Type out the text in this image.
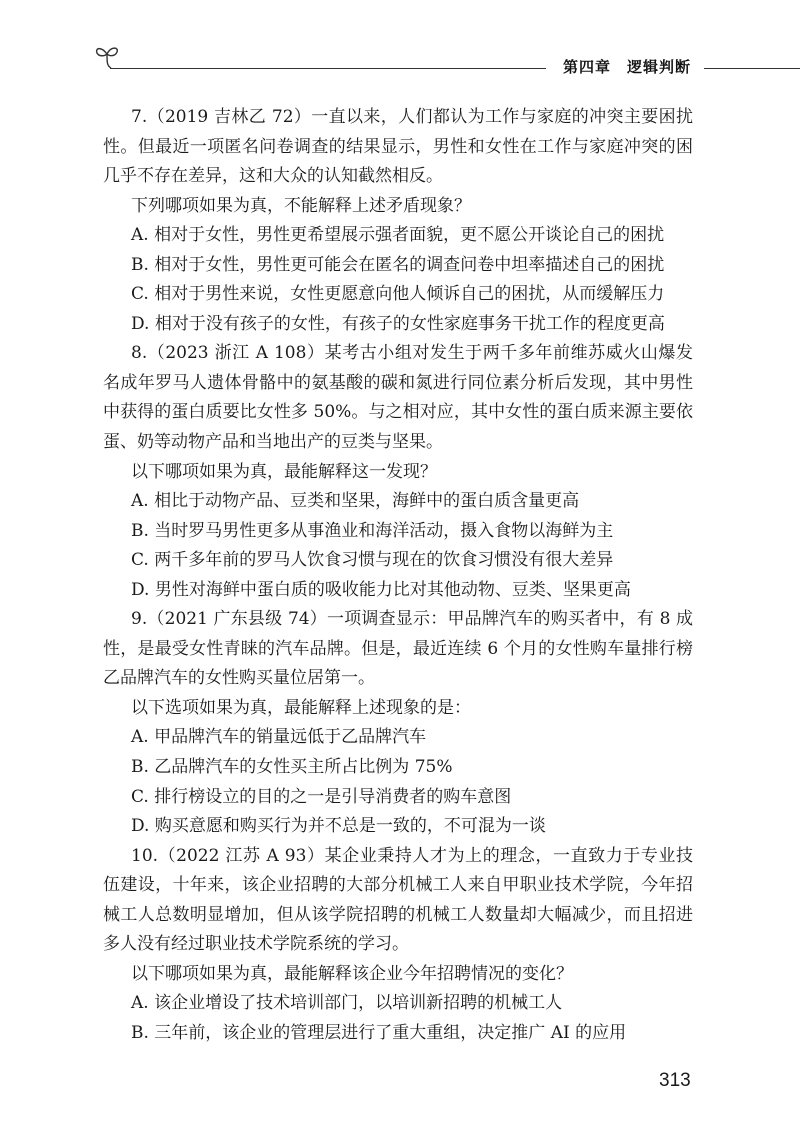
第四章　逻辑判断
7.（2019 吉林乙 72）一直以来，人们都认为工作与家庭的冲突主要困扰
性。但最近一项匿名问卷调查的结果显示，男性和女性在工作与家庭冲突的困
几乎不存在差异，这和大众的认知截然相反。
下列哪项如果为真，不能解释上述矛盾现象？
A. 相对于女性，男性更希望展示强者面貌，更不愿公开谈论自己的困扰
B. 相对于女性，男性更可能会在匿名的调查问卷中坦率描述自己的困扰
C. 相对于男性来说，女性更愿意向他人倾诉自己的困扰，从而缓解压力
D. 相对于没有孩子的女性，有孩子的女性家庭事务干扰工作的程度更高
8.（2023 浙江 A 108）某考古小组对发生于两千多年前维苏威火山爆发
名成年罗马人遗体骨骼中的氨基酸的碳和氮进行同位素分析后发现，其中男性
中获得的蛋白质要比女性多 50%。与之相对应，其中女性的蛋白质来源主要依
蛋、奶等动物产品和当地出产的豆类与坚果。
以下哪项如果为真，最能解释这一发现？
A. 相比于动物产品、豆类和坚果，海鲜中的蛋白质含量更高
B. 当时罗马男性更多从事渔业和海洋活动，摄入食物以海鲜为主
C. 两千多年前的罗马人饮食习惯与现在的饮食习惯没有很大差异
D. 男性对海鲜中蛋白质的吸收能力比对其他动物、豆类、坚果更高
9.（2021 广东县级 74）一项调查显示：甲品牌汽车的购买者中，有 8 成
性，是最受女性青睐的汽车品牌。但是，最近连续 6 个月的女性购车量排行榜
乙品牌汽车的女性购买量位居第一。
以下选项如果为真，最能解释上述现象的是：
A. 甲品牌汽车的销量远低于乙品牌汽车
B. 乙品牌汽车的女性买主所占比例为 75%
C. 排行榜设立的目的之一是引导消费者的购车意图
D. 购买意愿和购买行为并不总是一致的，不可混为一谈
10.（2022 江苏 A 93）某企业秉持人才为上的理念，一直致力于专业技
伍建设，十年来，该企业招聘的大部分机械工人来自甲职业技术学院，今年招
械工人总数明显增加，但从该学院招聘的机械工人数量却大幅减少，而且招进
多人没有经过职业技术学院系统的学习。
以下哪项如果为真，最能解释该企业今年招聘情况的变化？
A. 该企业增设了技术培训部门，以培训新招聘的机械工人
B. 三年前，该企业的管理层进行了重大重组，决定推广 AI 的应用
313
